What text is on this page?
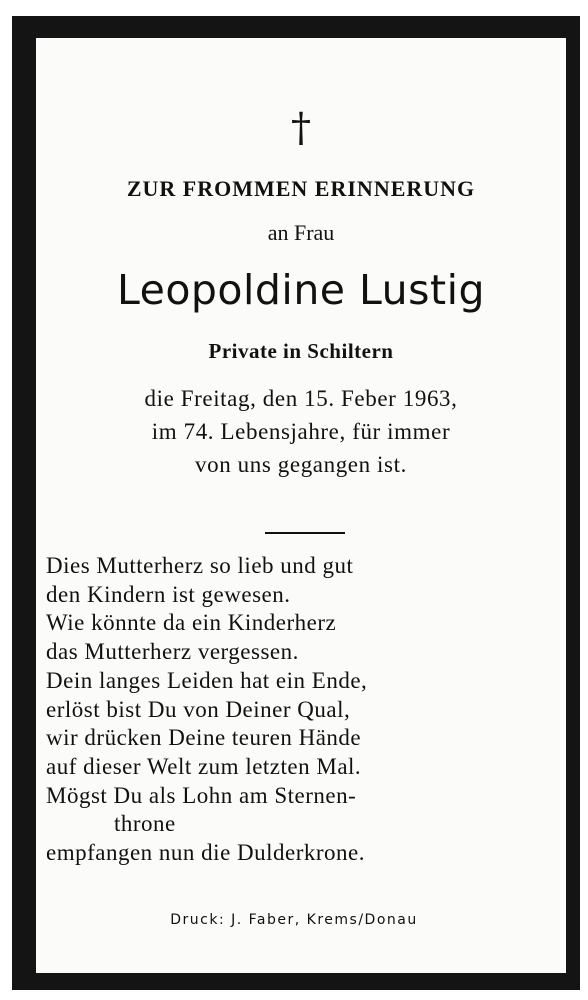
†
ZUR FROMMEN ERINNERUNG
an Frau
Leopoldine Lustig
Private in Schiltern
die Freitag, den 15. Feber 1963,
im 74. Lebensjahre, für immer
von uns gegangen ist.
Dies Mutterherz so lieb und gut
den Kindern ist gewesen.
Wie könnte da ein Kinderherz
das Mutterherz vergessen.
Dein langes Leiden hat ein Ende,
erlöst bist Du von Deiner Qual,
wir drücken Deine teuren Hände
auf dieser Welt zum letzten Mal.
Mögst Du als Lohn am Sternen-
throne
empfangen nun die Dulderkrone.
Druck: J. Faber, Krems/Donau
